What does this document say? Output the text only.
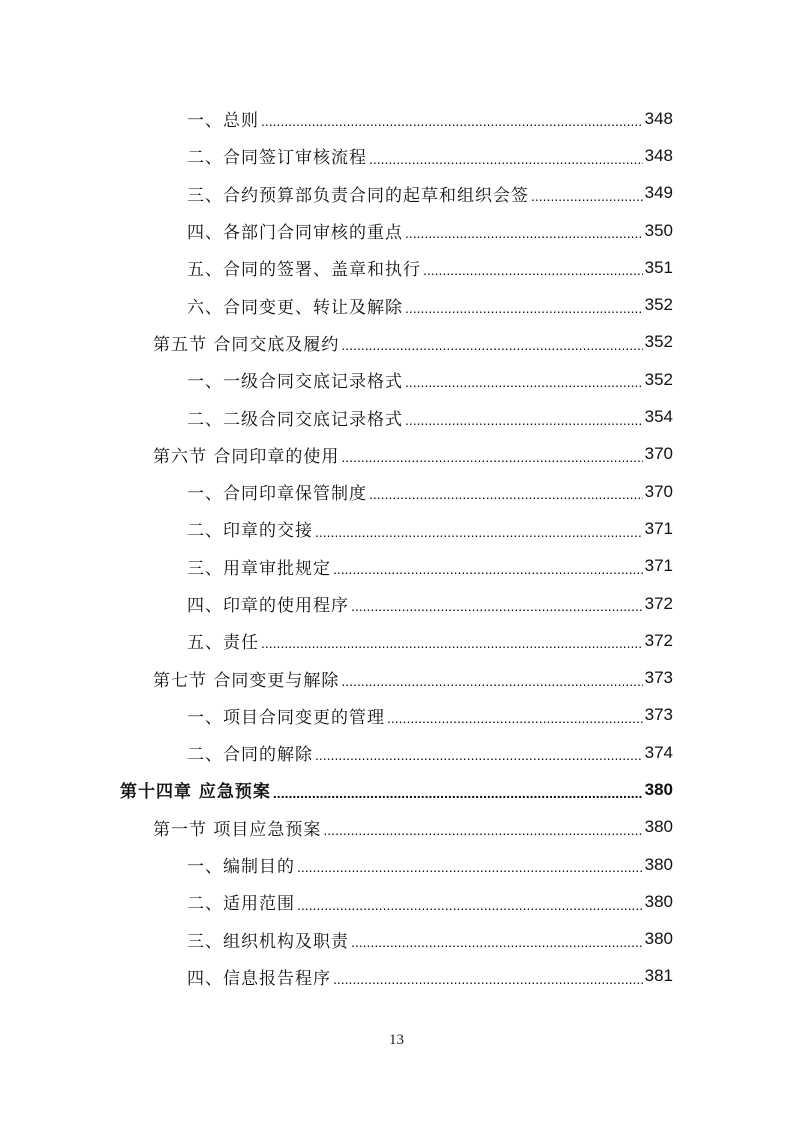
一、总则 .....	348
二、合同签订审核流程 .....	348
三、合约预算部负责合同的起草和组织会签 .....	349
四、各部门合同审核的重点 .....	350
五、合同的签署、盖章和执行 .....	351
六、合同变更、转让及解除 .....	352
第五节 合同交底及履约 .....	352
一、一级合同交底记录格式 .....	352
二、二级合同交底记录格式 .....	354
第六节 合同印章的使用 .....	370
一、合同印章保管制度 .....	370
二、印章的交接 .....	371
三、用章审批规定 .....	371
四、印章的使用程序 .....	372
五、责任 .....	372
第七节 合同变更与解除 .....	373
一、项目合同变更的管理 .....	373
二、合同的解除 .....	374
第十四章 应急预案 .....	380
第一节 项目应急预案 .....	380
一、编制目的 .....	380
二、适用范围 .....	380
三、组织机构及职责 .....	380
四、信息报告程序 .....	381
13
